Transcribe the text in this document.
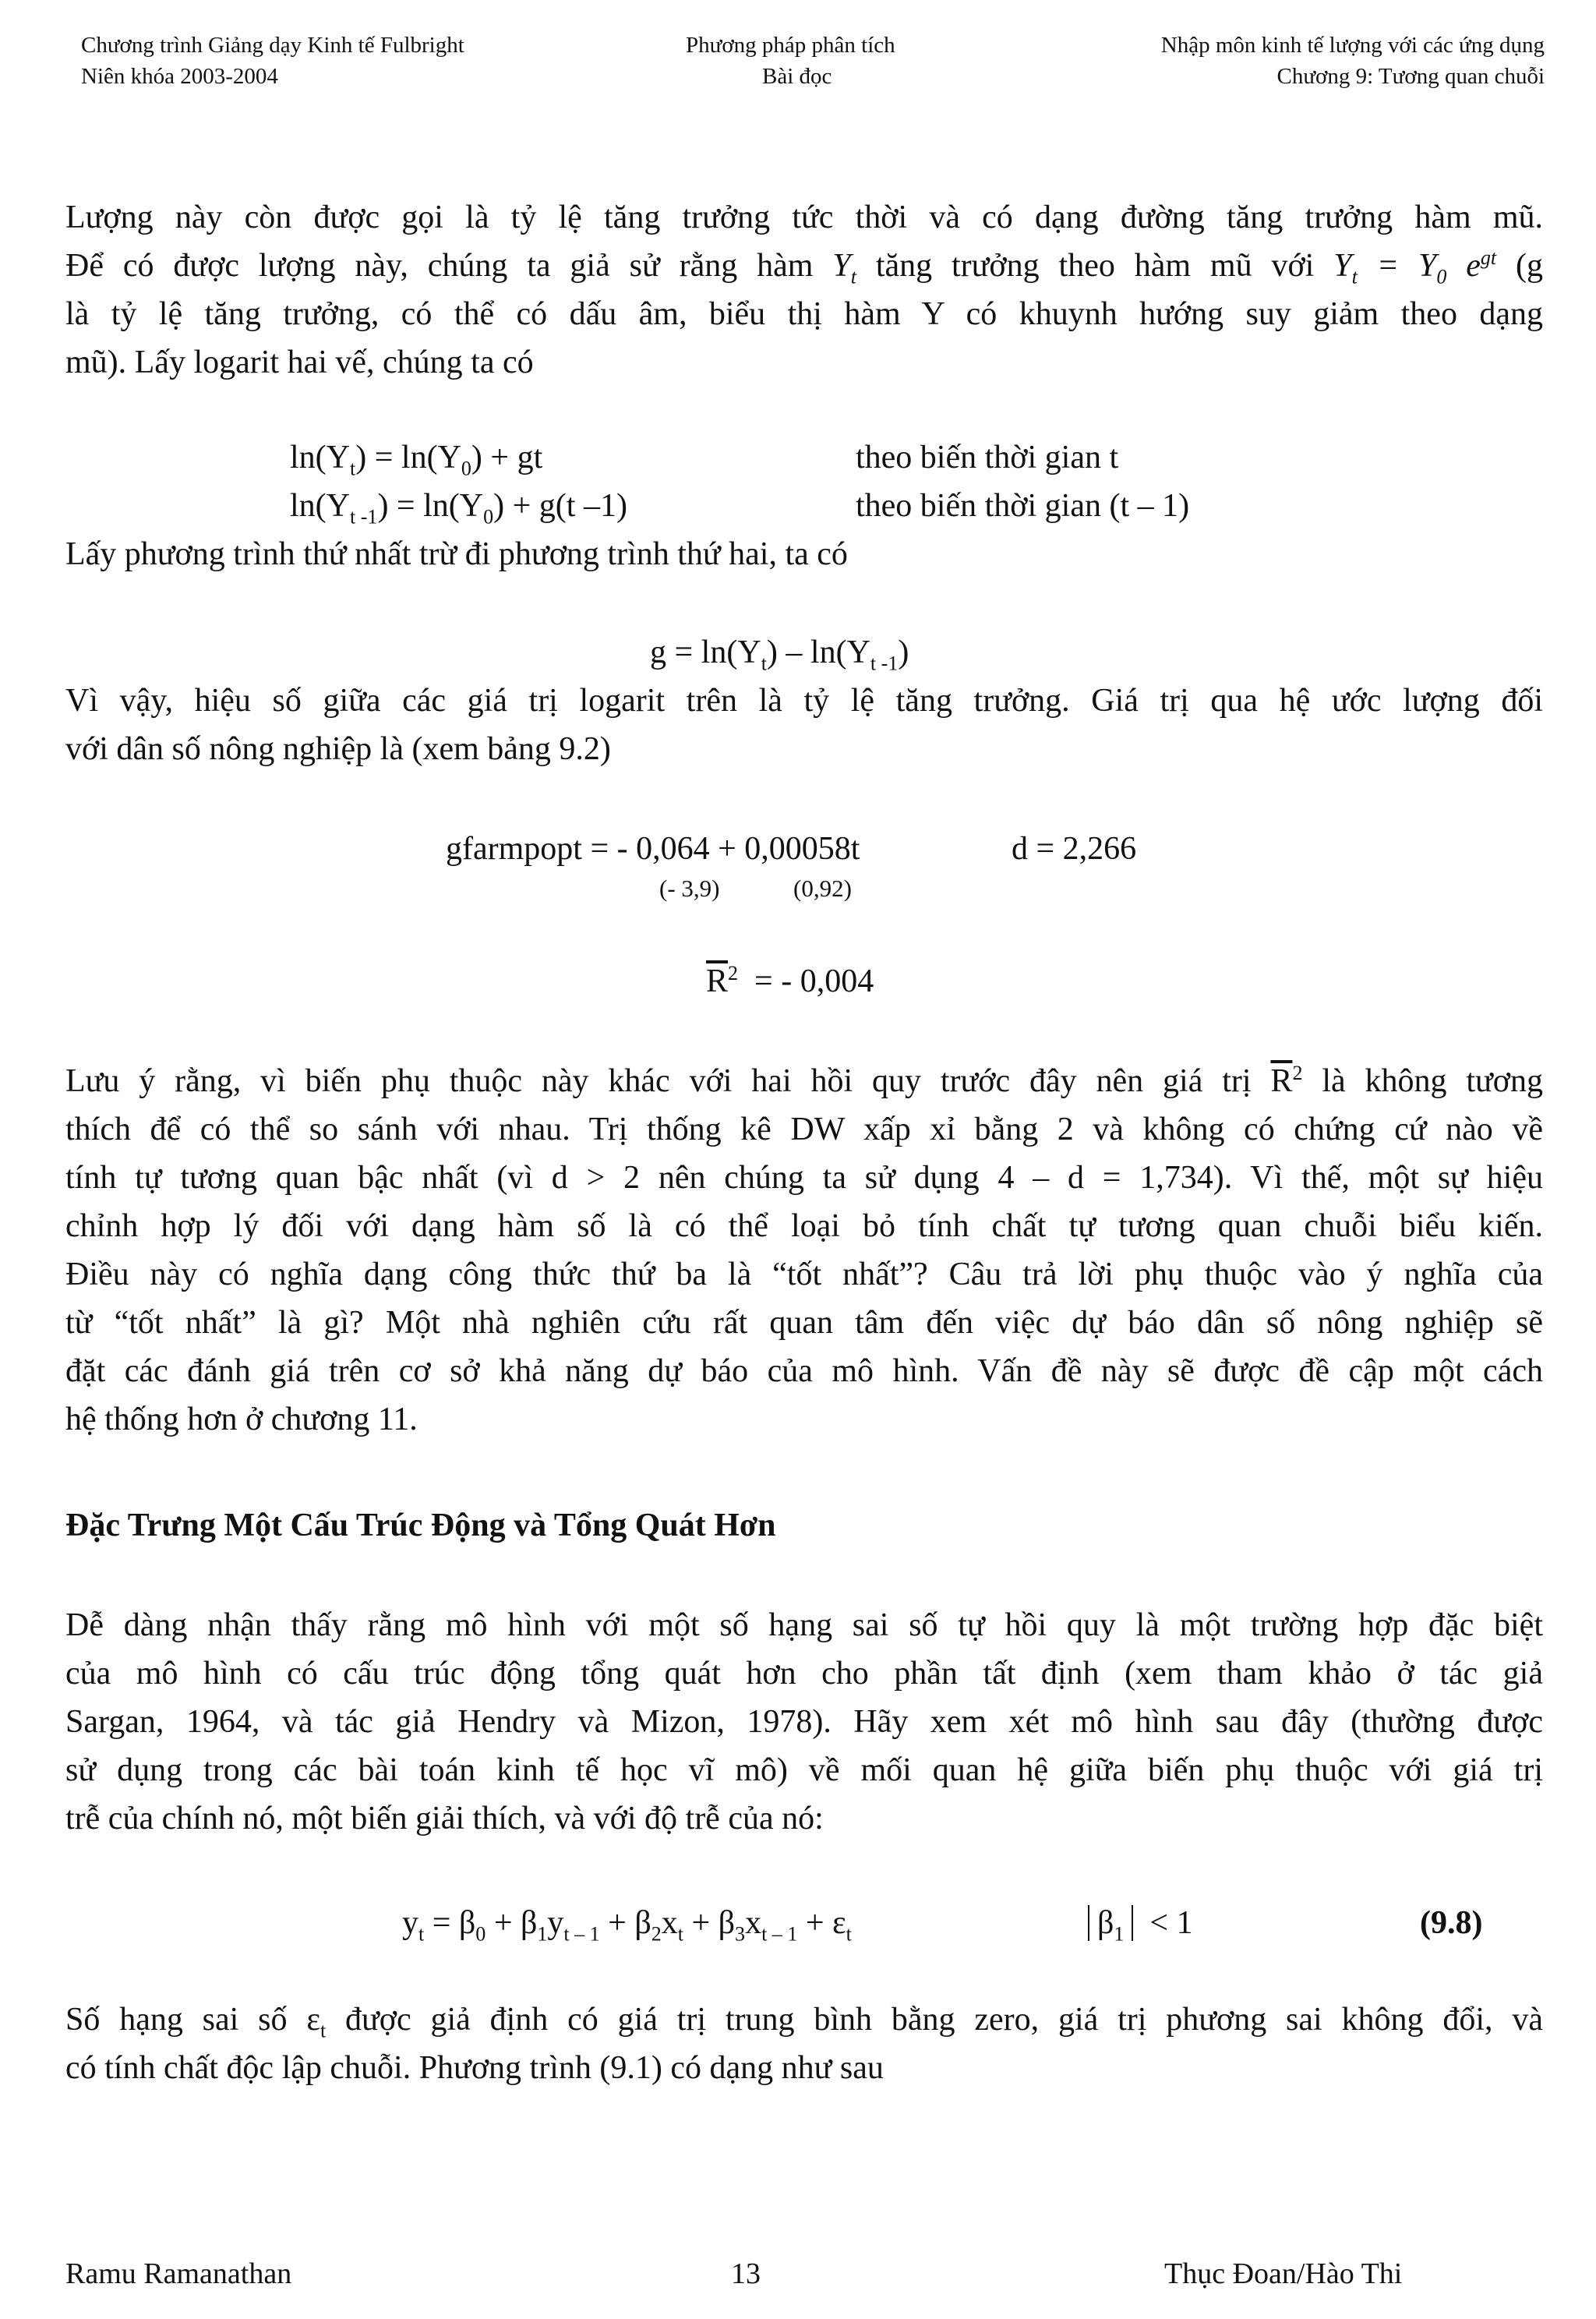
Chương trình Giảng dạy Kinh tế Fulbright
Niên khóa 2003-2004
Phương pháp phân tích
Bài đọc
Nhập môn kinh tế lượng với các ứng dụng
Chương 9: Tương quan chuỗi
Lượng này còn được gọi là tỷ lệ tăng trưởng tức thời và có dạng đường tăng trưởng hàm mũ.
Để có được lượng này, chúng ta giả sử rằng hàm $Y_t$ tăng trưởng theo hàm mũ với $Y_t = Y_0$ $e^{gt}$ (g
là tỷ lệ tăng trưởng, có thể có dấu âm, biểu thị hàm Y có khuynh hướng suy giảm theo dạng
mũ). Lấy logarit hai vế, chúng ta có
$\ln(Y_t) = \ln(Y_0)$ + gt	theo biến thời gian t
$\ln(Y_{t -1}) = \ln(Y_0) + g(t$ –1)	theo biến thời gian (t – 1)
Lấy phương trình thứ nhất trừ đi phương trình thứ hai, ta có
$g = \ln(Y_t) - \ln(Y_{t -1})$
Vì vậy, hiệu số giữa các giá trị logarit trên là tỷ lệ tăng trưởng. Giá trị qua hệ ước lượng đối
với dân số nông nghiệp là (xem bảng 9.2)
gfarmpopt = - 0,064 + 0,00058t	d = 2,266
(- 3,9)	(0,92)
$\overline{R}^2$ = - 0,004
Lưu ý rằng, vì biến phụ thuộc này khác với hai hồi quy trước đây nên giá trị $\overline{R}^2$ là không tương
thích để có thể so sánh với nhau. Trị thống kê DW xấp xỉ bằng 2 và không có chứng cứ nào về
tính tự tương quan bậc nhất (vì d > 2 nên chúng ta sử dụng 4 – d = 1,734). Vì thế, một sự hiệu
chỉnh hợp lý đối với dạng hàm số là có thể loại bỏ tính chất tự tương quan chuỗi biểu kiến.
Điều này có nghĩa dạng công thức thứ ba là “tốt nhất”? Câu trả lời phụ thuộc vào ý nghĩa của
từ “tốt nhất” là gì? Một nhà nghiên cứu rất quan tâm đến việc dự báo dân số nông nghiệp sẽ
đặt các đánh giá trên cơ sở khả năng dự báo của mô hình. Vấn đề này sẽ được đề cập một cách
hệ thống hơn ở chương 11.
Đặc Trưng Một Cấu Trúc Động và Tổng Quát Hơn
Dễ dàng nhận thấy rằng mô hình với một số hạng sai số tự hồi quy là một trường hợp đặc biệt
của mô hình có cấu trúc động tổng quát hơn cho phần tất định (xem tham khảo ở tác giả
Sargan, 1964, và tác giả Hendry và Mizon, 1978). Hãy xem xét mô hình sau đây (thường được
sử dụng trong các bài toán kinh tế học vĩ mô) về mối quan hệ giữa biến phụ thuộc với giá trị
trễ của chính nó, một biến giải thích, và với độ trễ của nó:
$y_t = \beta_0 + \beta_1y_{t - 1} + \beta_2x_t + \beta_3x_{t - 1} + \varepsilon_t$	$\beta_1 < 1$	(9.8)
Số hạng sai số $\varepsilon_t$ được giả định có giá trị trung bình bằng zero, giá trị phương sai không đổi, và
có tính chất độc lập chuỗi. Phương trình (9.1) có dạng như sau
Ramu Ramanathan	13	Thục Đoan/Hào Thi
